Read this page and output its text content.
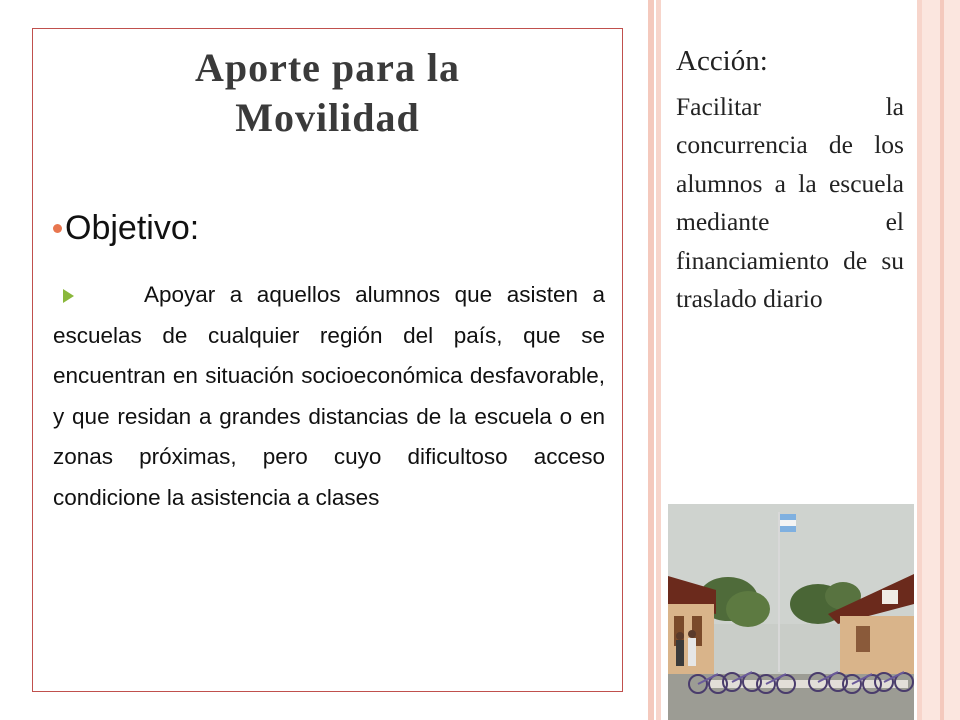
Aporte para la
Movilidad
Objetivo:
Apoyar a aquellos alumnos que asisten a escuelas de cualquier región del país, que se encuentran en situación socioeconómica desfavorable, y que residan a grandes distancias de la escuela o en zonas próximas, pero cuyo dificultoso acceso condicione la asistencia a clases

Acción:

Facilitar la concurrencia de los alumnos a la escuela mediante el financiamiento de su traslado diario
